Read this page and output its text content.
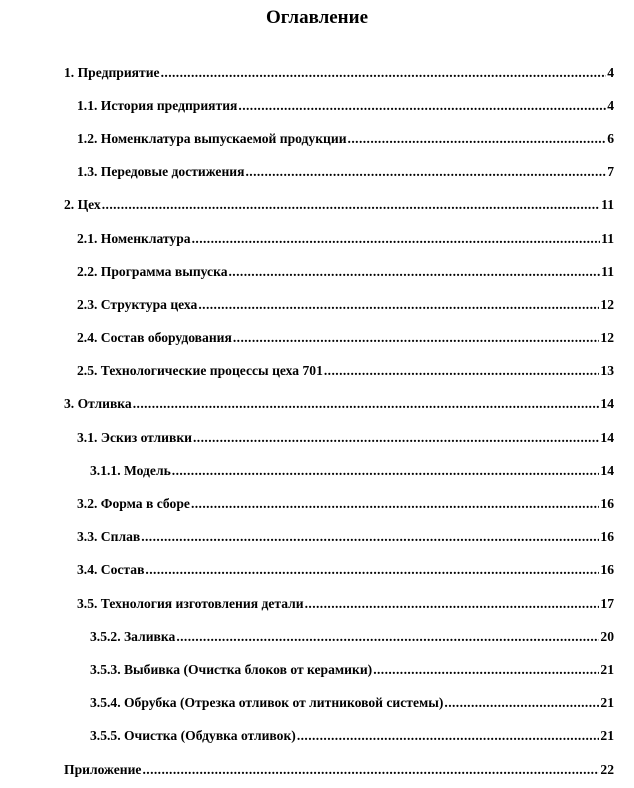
Оглавление
1. Предприятие .....	4
1.1. История предприятия .....	4
1.2. Номенклатура выпускаемой продукции .....	6
1.3. Передовые достижения .....	7
2. Цех .....	11
2.1. Номенклатура .....	11
2.2. Программа выпуска .....	11
2.3. Структура цеха .....	12
2.4. Состав оборудования .....	12
2.5. Технологические процессы цеха 701 .....	13
3. Отливка .....	14
3.1. Эскиз отливки .....	14
3.1.1. Модель .....	14
3.2. Форма в сборе .....	16
3.3. Сплав .....	16
3.4. Состав .....	16
3.5. Технология изготовления детали .....	17
3.5.2. Заливка .....	20
3.5.3. Выбивка (Очистка блоков от керамики) .....	21
3.5.4. Обрубка (Отрезка отливок от литниковой системы) .....	21
3.5.5. Очистка (Обдувка отливок) .....	21
Приложение .....	22
